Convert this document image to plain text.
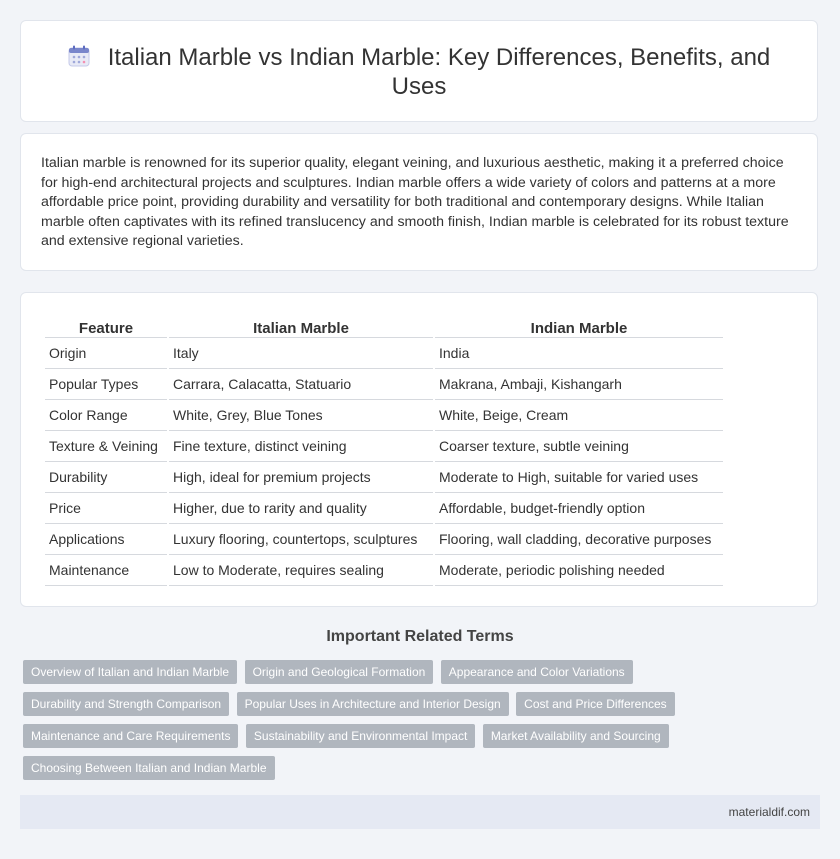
Italian Marble vs Indian Marble: Key Differences, Benefits, and Uses

Italian marble is renowned for its superior quality, elegant veining, and luxurious aesthetic, making it a preferred choice for high-end architectural projects and sculptures. Indian marble offers a wide variety of colors and patterns at a more affordable price point, providing durability and versatility for both traditional and contemporary designs. While Italian marble often captivates with its refined translucency and smooth finish, Indian marble is celebrated for its robust texture and extensive regional varieties.

Feature	Italian Marble	Indian Marble
Origin	Italy	India
Popular Types	Carrara, Calacatta, Statuario	Makrana, Ambaji, Kishangarh
Color Range	White, Grey, Blue Tones	White, Beige, Cream
Texture & Veining	Fine texture, distinct veining	Coarser texture, subtle veining
Durability	High, ideal for premium projects	Moderate to High, suitable for varied uses
Price	Higher, due to rarity and quality	Affordable, budget-friendly option
Applications	Luxury flooring, countertops, sculptures	Flooring, wall cladding, decorative purposes
Maintenance	Low to Moderate, requires sealing	Moderate, periodic polishing needed
Important Related Terms
Overview of Italian and Indian Marble Origin and Geological Formation Appearance and Color Variations Durability and Strength Comparison Popular Uses in Architecture and Interior Design Cost and Price Differences Maintenance and Care Requirements Sustainability and Environmental Impact Market Availability and Sourcing Choosing Between Italian and Indian Marble
materialdif.com
